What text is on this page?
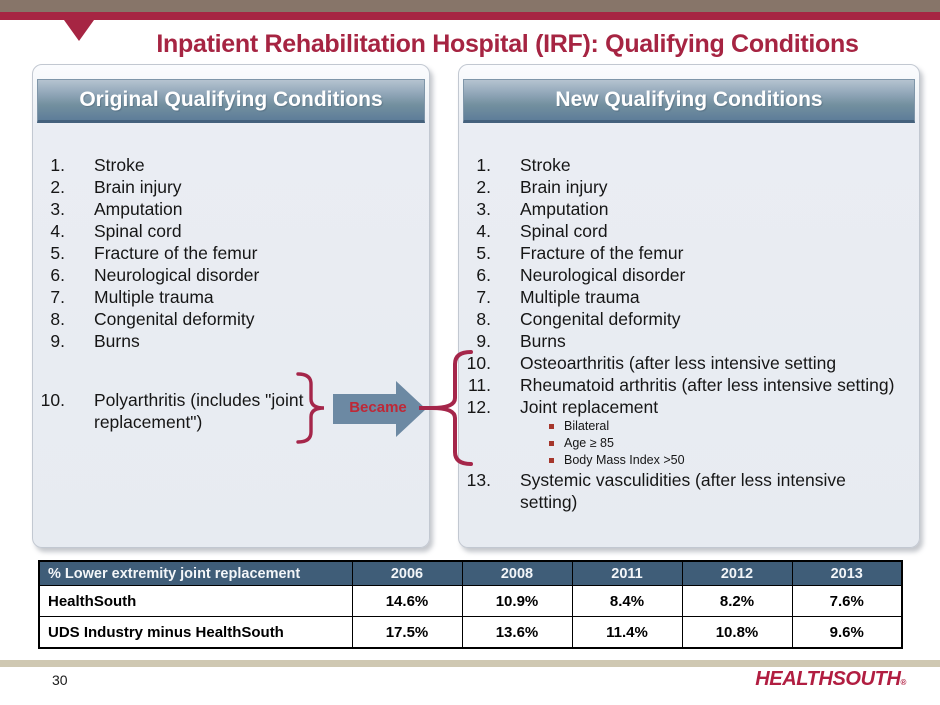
Inpatient Rehabilitation Hospital (IRF): Qualifying Conditions
Original Qualifying Conditions
1. Stroke
2. Brain injury
3. Amputation
4. Spinal cord
5. Fracture of the femur
6. Neurological disorder
7. Multiple trauma
8. Congenital deformity
9. Burns
10. Polyarthritis (includes "joint replacement")
New Qualifying Conditions
1. Stroke
2. Brain injury
3. Amputation
4. Spinal cord
5. Fracture of the femur
6. Neurological disorder
7. Multiple trauma
8. Congenital deformity
9. Burns
10. Osteoarthritis (after less intensive setting
11. Rheumatoid arthritis (after less intensive setting)
12. Joint replacement
Bilateral
Age ≥ 85
Body Mass Index >50
13. Systemic vasculidities (after less intensive setting)
Became
% Lower extremity joint replacement	2006	2008	2011	2012	2013
HealthSouth	14.6%	10.9%	8.4%	8.2%	7.6%
UDS Industry minus HealthSouth	17.5%	13.6%	11.4%	10.8%	9.6%
30	HEALTHSOUTH®
